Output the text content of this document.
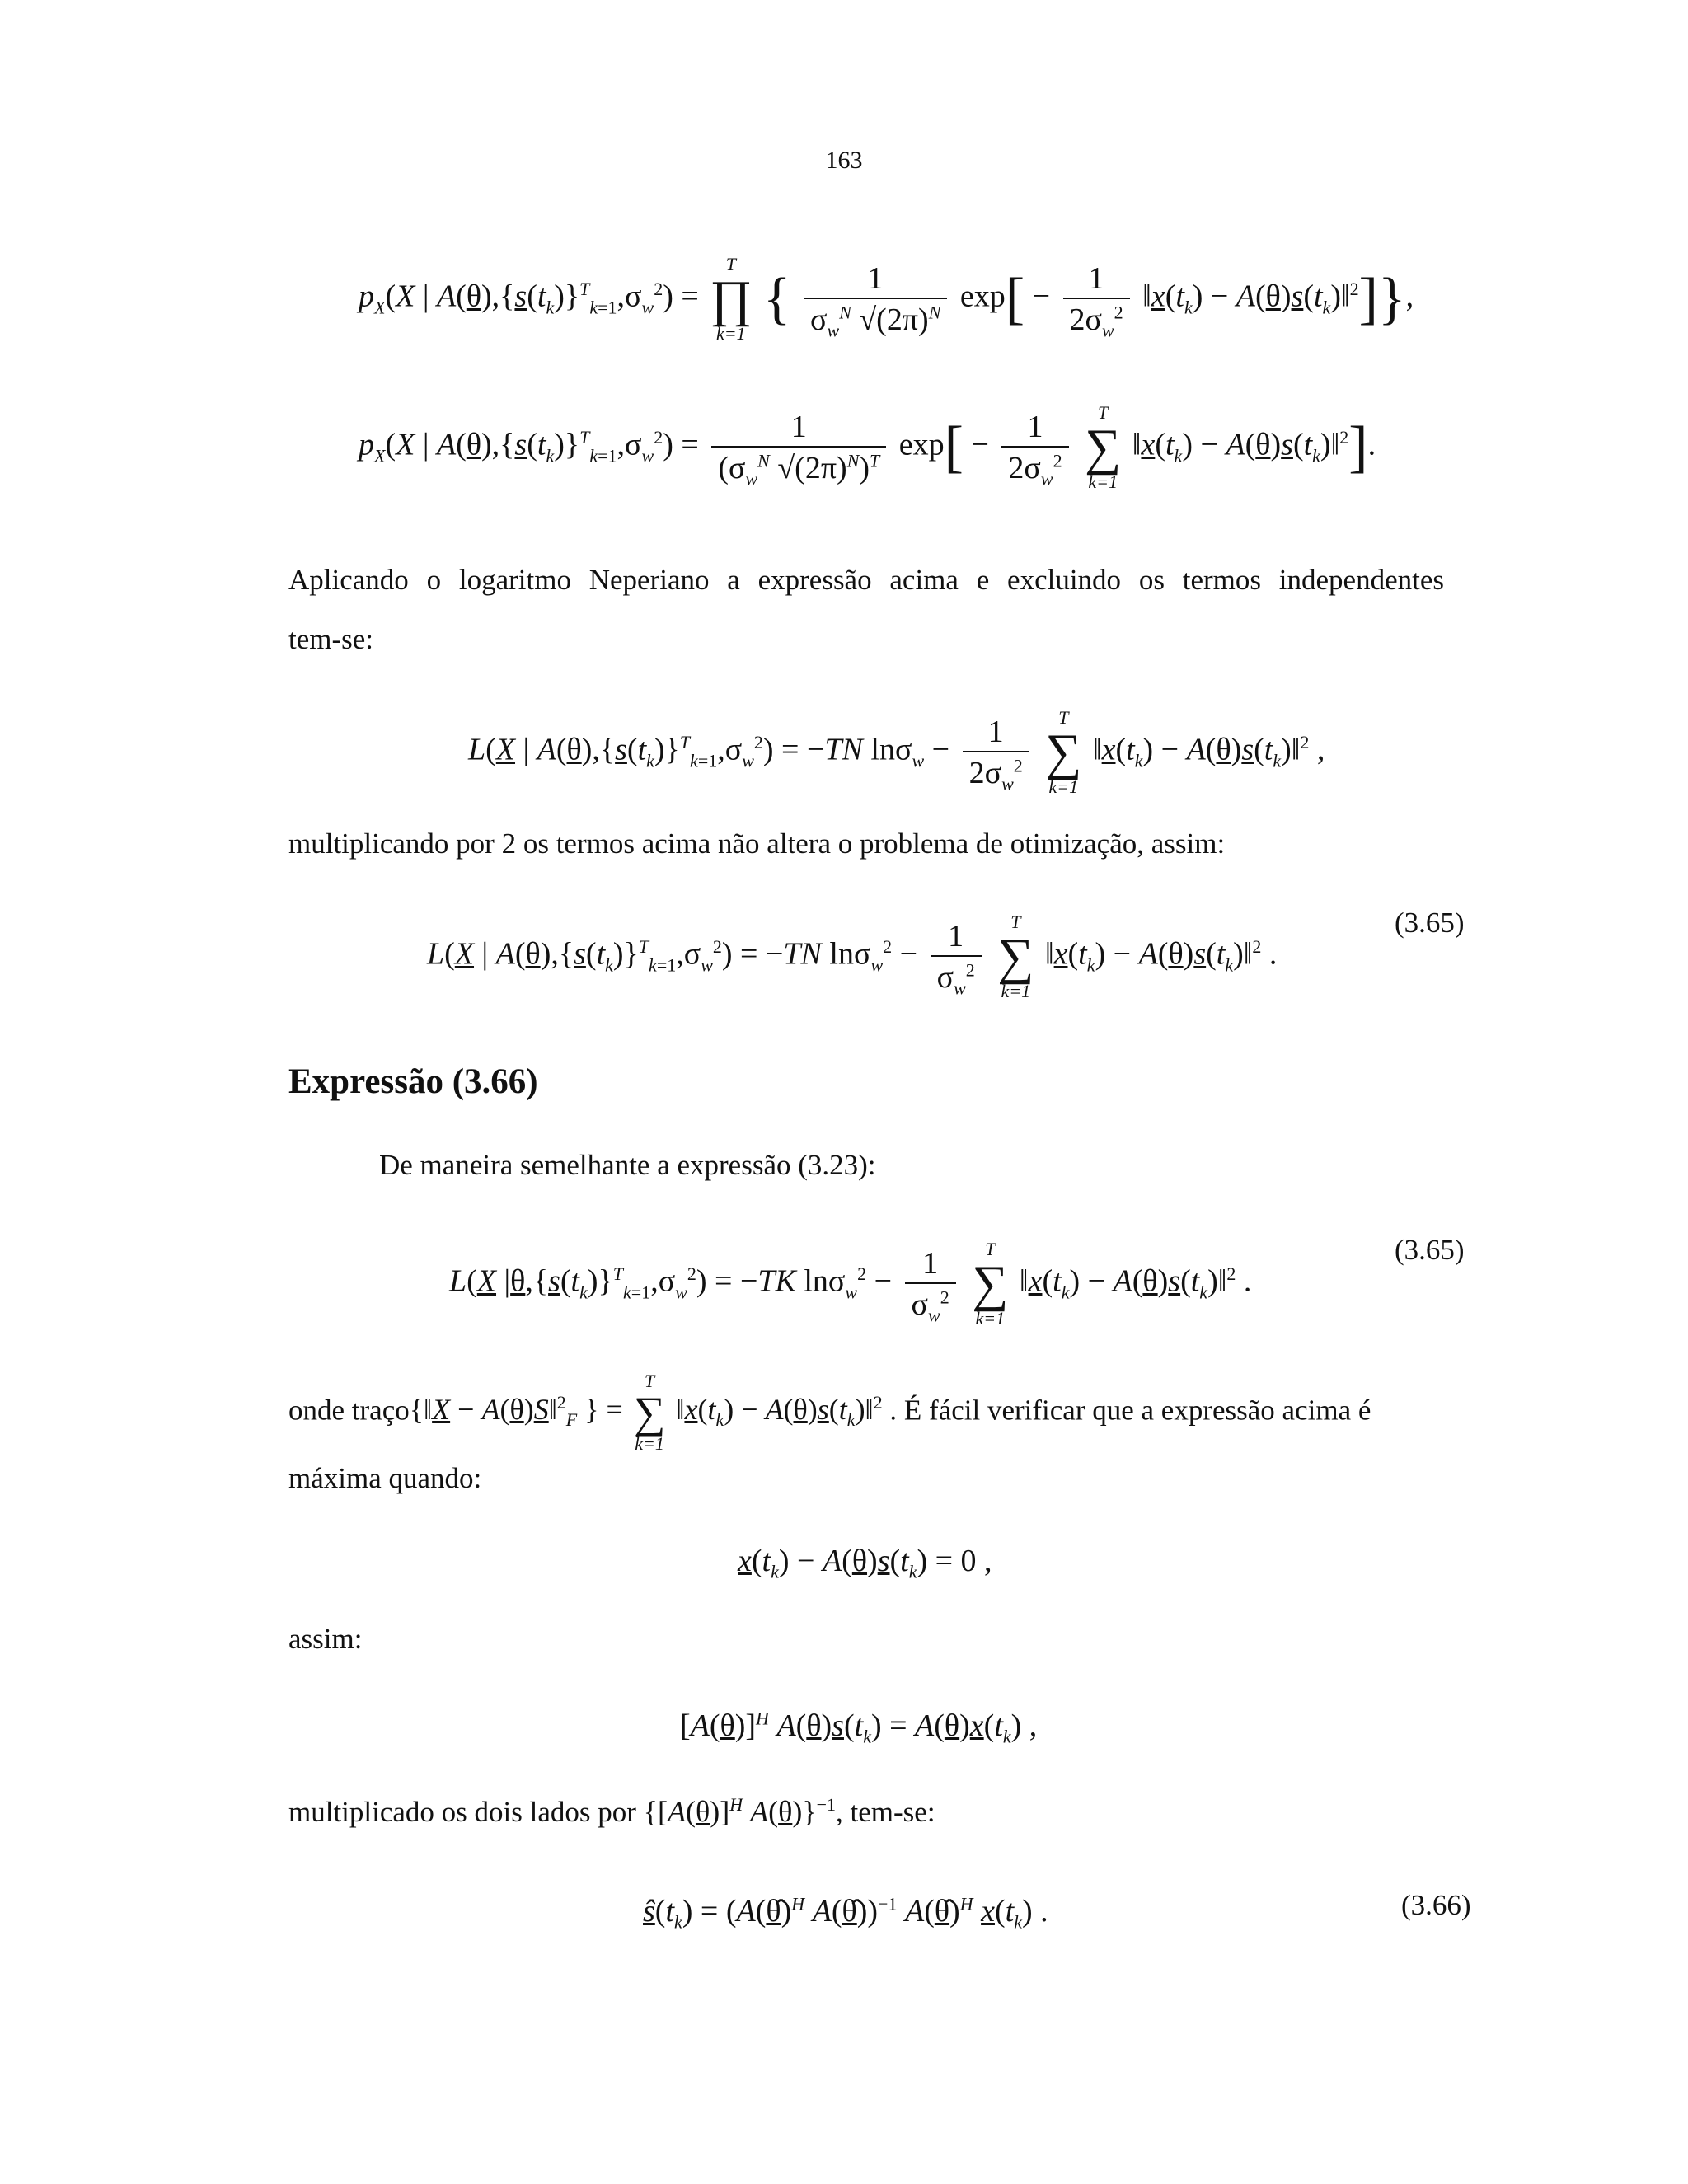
163
$p_X(X$ | $A(\theta),\{s(t_k)\}^T_{k=1},\sigma_w^2$) =
T
∏
k=1
{ $\frac{1}{\sigma_w^N √(2\pi)^N} \exp[ - \frac{1}{2\sigma_w^2}$ $‖x(t_k)$ − $A(\theta)s(t_k)‖^2$]},
$p_X(X$ | $A(\theta),\{s(t_k)\}^T_{k=1},\sigma_w^2) = \frac{1}{(\sigma_w^N √(2\pi)^N)^T} \exp[ - \frac{1}{2\sigma_w^2}$
	T
∑
k=1
$‖x(t_k)$ − $A(\theta)s(t_k)‖^2$].
Aplicando o logaritmo Neperiano a expressão acima e excluindo os termos independentes
tem-se:
L(X | $A(\theta),\{s(t_k)\}^T_{k=1},\sigma_w^2) = -TN$ $\ln\sigma_w - \frac{1}{2\sigma_w^2}$
	T
∑
k=1
$‖x(t_k)$ − $A(\theta)s(t_k)‖^2$ ,
multiplicando por 2 os termos acima não altera o problema de otimização, assim:
L(X | $A(\theta),\{s(t_k)\}^T_{k=1},\sigma_w^2) = -TN$ $\ln\sigma_w^2 - \frac{1}{\sigma_w^2}$
	T
∑
k=1
$‖x(t_k)$ − $A(\theta)s(t_k)‖^2$ .
(3.65)
Expressão (3.66)
De maneira semelhante a expressão (3.23):
L(X $|\theta,\{s(t_k)\}^T_{k=1},\sigma_w^2) = -TK$ $\ln\sigma_w^2 - \frac{1}{\sigma_w^2}$
	T
∑
k=1
$‖x(t_k)$ − $A(\theta)s(t_k)‖^2$ .
(3.65)
onde traço{‖X − A(θ)S‖$^2_F$ } =
T
∑
k=1
$‖x(t_k)$ − $A(\theta)s(t_k)‖^2$ . É fácil verificar que a expressão acima é
máxima quando:
$x(t_k) - A(\theta)s(t_k) = 0$ ,
assim:
$[A(\theta)]^H$ $A(\theta)s(t_k) = A(\theta)x(t_k)$ ,
multiplicado os dois lados por {$[A(\theta)]^H$ A(θ)}$^{-1}$, tem-se:
$ŝ(t_k)$ = (A(θ̂)$^H$ A(θ̂))$^{-1}$ A(θ̂)$^H$ $x(t_k)$ .	(3.66)
